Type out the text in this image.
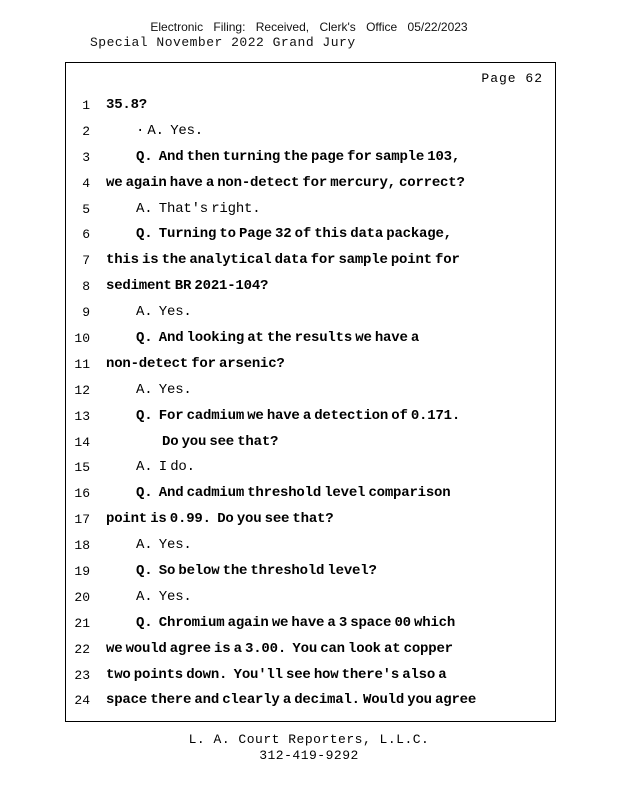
Electronic Filing: Received, Clerk's Office 05/22/2023
Special November 2022 Grand Jury
Page 62
1	35.8?
2	· A.  Yes.
3	Q.  And then turning the page for sample 103,
4	we again have a non-detect for mercury, correct?
5	A.  That's right.
6	Q.  Turning to Page 32 of this data package,
7	this is the analytical data for sample point for
8	sediment BR 2021-104?
9	A.  Yes.
10	Q.  And looking at the results we have a
11	non-detect for arsenic?
12	A.  Yes.
13	Q.  For cadmium we have a detection of 0.171.
14	Do you see that?
15	A.  I do.
16	Q.  And cadmium threshold level comparison
17	point is 0.99.  Do you see that?
18	A.  Yes.
19	Q.  So below the threshold level?
20	A.  Yes.
21	Q.  Chromium again we have a 3 space 00 which
22	we would agree is a 3.00.  You can look at copper
23	two points down.  You'll see how there's also a
24	space there and clearly a decimal. Would you agree
L. A. Court Reporters, L.L.C.
312-419-9292
